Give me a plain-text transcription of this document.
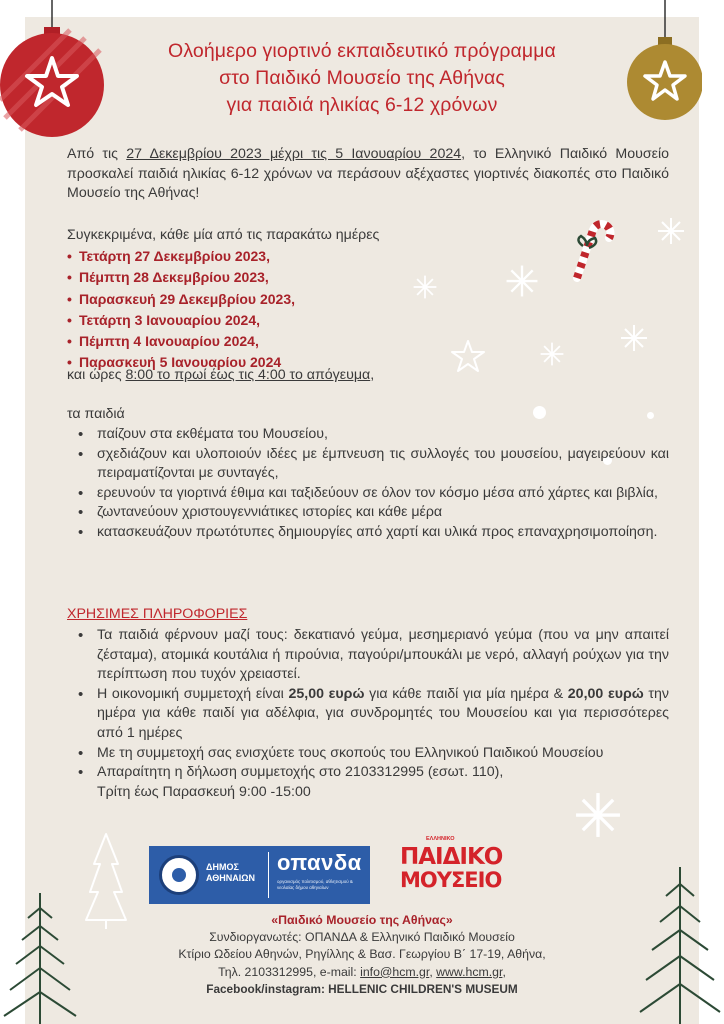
Ολοήμερο γιορτινό εκπαιδευτικό πρόγραμμα
στο Παιδικό Μουσείο της Αθήνας
για παιδιά ηλικίας 6-12 χρόνων

Από τις 27 Δεκεμβρίου 2023 μέχρι τις 5 Ιανουαρίου 2024, το Ελληνικό Παιδικό Μουσείο προσκαλεί παιδιά ηλικίας 6-12 χρόνων να περάσουν αξέχαστες γιορτινές διακοπές στο Παιδικό Μουσείο της Αθήνας!

Συγκεκριμένα, κάθε μία από τις παρακάτω ημέρες
• Τετάρτη 27 Δεκεμβρίου 2023,
• Πέμπτη 28 Δεκεμβρίου 2023,
• Παρασκευή 29 Δεκεμβρίου 2023,
• Τετάρτη 3 Ιανουαρίου 2024,
• Πέμπτη 4 Ιανουαρίου 2024,
• Παρασκευή 5 Ιανουαρίου 2024
και ώρες 8:00 το πρωί έως τις 4:00 το απόγευμα,
τα παιδιά
• παίζουν στα εκθέματα του Μουσείου,
• σχεδιάζουν και υλοποιούν ιδέες με έμπνευση τις συλλογές του μουσείου, μαγειρεύουν και πειραματίζονται με συνταγές,
• ερευνούν τα γιορτινά έθιμα και ταξιδεύουν σε όλον τον κόσμο μέσα από χάρτες και βιβλία,
• ζωντανεύουν χριστουγεννιάτικες ιστορίες και κάθε μέρα
• κατασκευάζουν πρωτότυπες δημιουργίες από χαρτί και υλικά προς επαναχρησιμοποίηση.
ΧΡΗΣΙΜΕΣ ΠΛΗΡΟΦΟΡΙΕΣ
• Τα παιδιά φέρνουν μαζί τους: δεκατιανό γεύμα, μεσημεριανό γεύμα (που να μην απαιτεί ζέσταμα), ατομικά κουτάλια ή πιρούνια, παγούρι/μπουκάλι με νερό, αλλαγή ρούχων για την περίπτωση που τυχόν χρειαστεί.
• Η οικονομική συμμετοχή είναι 25,00 ευρώ για κάθε παιδί για μία ημέρα & 20,00 ευρώ την ημέρα για κάθε παιδί για αδέλφια, για συνδρομητές του Μουσείου και για περισσότερες από 1 ημέρες
• Με τη συμμετοχή σας ενισχύετε τους σκοπούς του Ελληνικού Παιδικού Μουσείου
• Απαραίτητη η δήλωση συμμετοχής στο 2103312995 (εσωτ. 110),
Τρίτη έως Παρασκευή 9:00 -15:00
ΔΗΜΟΣ ΑΘΗΝΑΙΩΝ
οπανδα
οργανισμός πολιτισμού, αθλητισμού & νεολαίας δήμου αθηναίων
ΕΛΛΗΝΙΚΟ
ΠΑΙΔΙΚΟ
ΜΟΥΣΕΙΟ
«Παιδικό Μουσείο της Αθήνας»
Συνδιοργανωτές: ΟΠΑΝΔΑ & Ελληνικό Παιδικό Μουσείο
Κτίριο Ωδείου Αθηνών, Ρηγίλλης & Βασ. Γεωργίου Β΄ 17-19, Αθήνα,
Τηλ. 2103312995, e-mail: info@hcm.gr, www.hcm.gr,
Facebook/instagram: HELLENIC CHILDREN'S MUSEUM
